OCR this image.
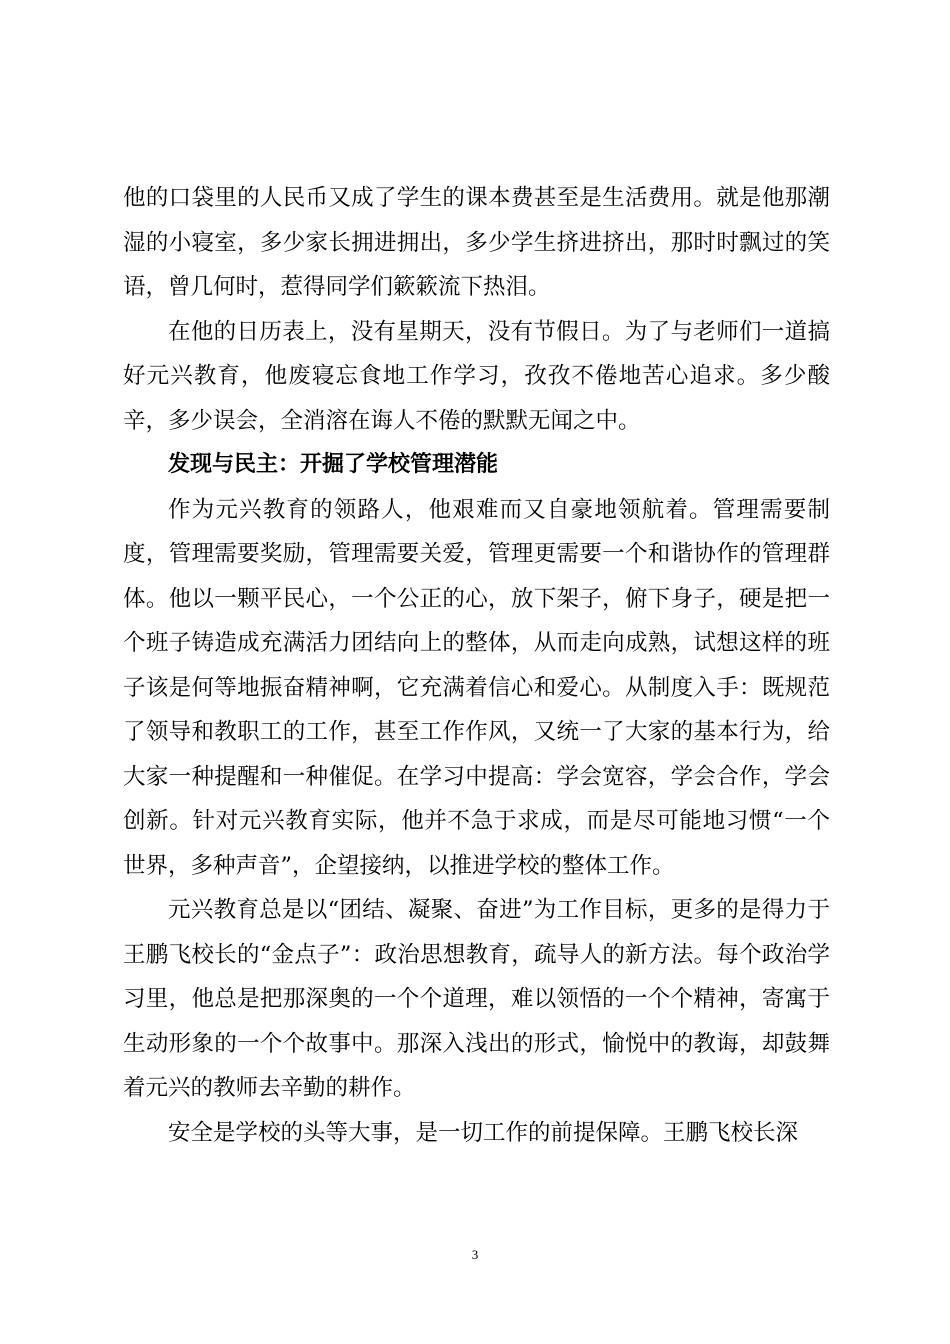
他的口袋里的人民币又成了学生的课本费甚至是生活费用。就是他那潮湿的小寝室，多少家长拥进拥出，多少学生挤进挤出，那时时飘过的笑语，曾几何时，惹得同学们簌簌流下热泪。

在他的日历表上，没有星期天，没有节假日。为了与老师们一道搞好元兴教育，他废寝忘食地工作学习，孜孜不倦地苦心追求。多少酸辛，多少误会，全消溶在诲人不倦的默默无闻之中。

发现与民主：开掘了学校管理潜能

作为元兴教育的领路人，他艰难而又自豪地领航着。管理需要制度，管理需要奖励，管理需要关爱，管理更需要一个和谐协作的管理群体。他以一颗平民心，一个公正的心，放下架子，俯下身子，硬是把一个班子铸造成充满活力团结向上的整体，从而走向成熟，试想这样的班子该是何等地振奋精神啊，它充满着信心和爱心。从制度入手：既规范了领导和教职工的工作，甚至工作作风，又统一了大家的基本行为，给大家一种提醒和一种催促。在学习中提高：学会宽容，学会合作，学会创新。针对元兴教育实际，他并不急于求成，而是尽可能地习惯“一个世界，多种声音”，企望接纳，以推进学校的整体工作。

元兴教育总是以“团结、凝聚、奋进”为工作目标，更多的是得力于王鹏飞校长的“金点子”：政治思想教育，疏导人的新方法。每个政治学习里，他总是把那深奥的一个个道理，难以领悟的一个个精神，寄寓于生动形象的一个个故事中。那深入浅出的形式，愉悦中的教诲，却鼓舞着元兴的教师去辛勤的耕作。

安全是学校的头等大事，是一切工作的前提保障。王鹏飞校长深

3
